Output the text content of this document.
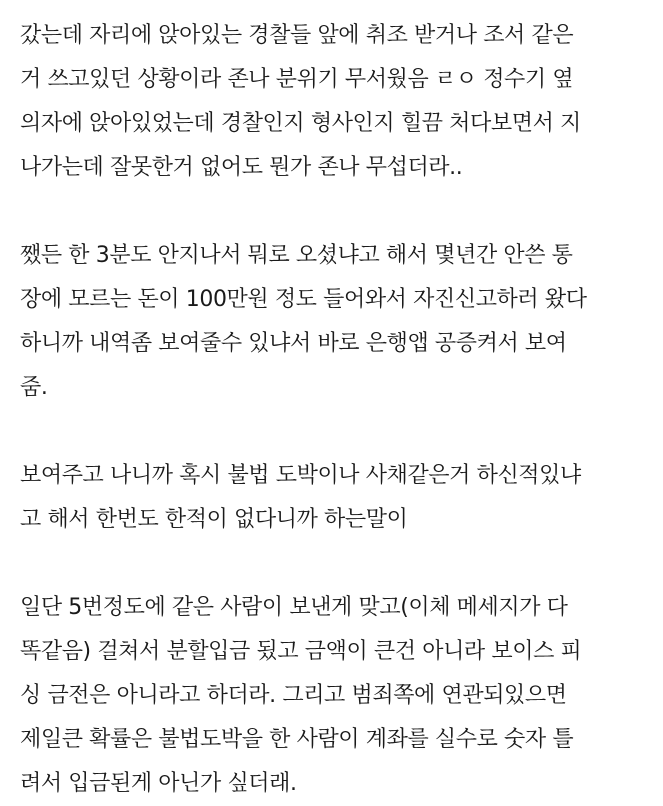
갔는데 자리에 앉아있는 경찰들 앞에 취조 받거나 조서 같은
거 쓰고있던 상황이라 존나 분위기 무서웠음 ㄹㅇ 정수기 옆
의자에 앉아있었는데 경찰인지 형사인지 힐끔 처다보면서 지
나가는데 잘못한거 없어도 뭔가 존나 무섭더라..
쨌든 한 3분도 안지나서 뭐로 오셨냐고 해서 몇년간 안쓴 통
장에 모르는 돈이 100만원 정도 들어와서 자진신고하러 왔다
하니까 내역좀 보여줄수 있냐서 바로 은행앱 공증켜서 보여
줌.
보여주고 나니까 혹시 불법 도박이나 사채같은거 하신적있냐
고 해서 한번도 한적이 없다니까 하는말이
일단 5번정도에 같은 사람이 보낸게 맞고(이체 메세지가 다
똑같음) 걸쳐서 분할입금 됬고 금액이 큰건 아니라 보이스 피
싱 금전은 아니라고 하더라. 그리고 범죄쪽에 연관되있으면
제일큰 확률은 불법도박을 한 사람이 계좌를 실수로 숫자 틀
려서 입금된게 아닌가 싶더래.
